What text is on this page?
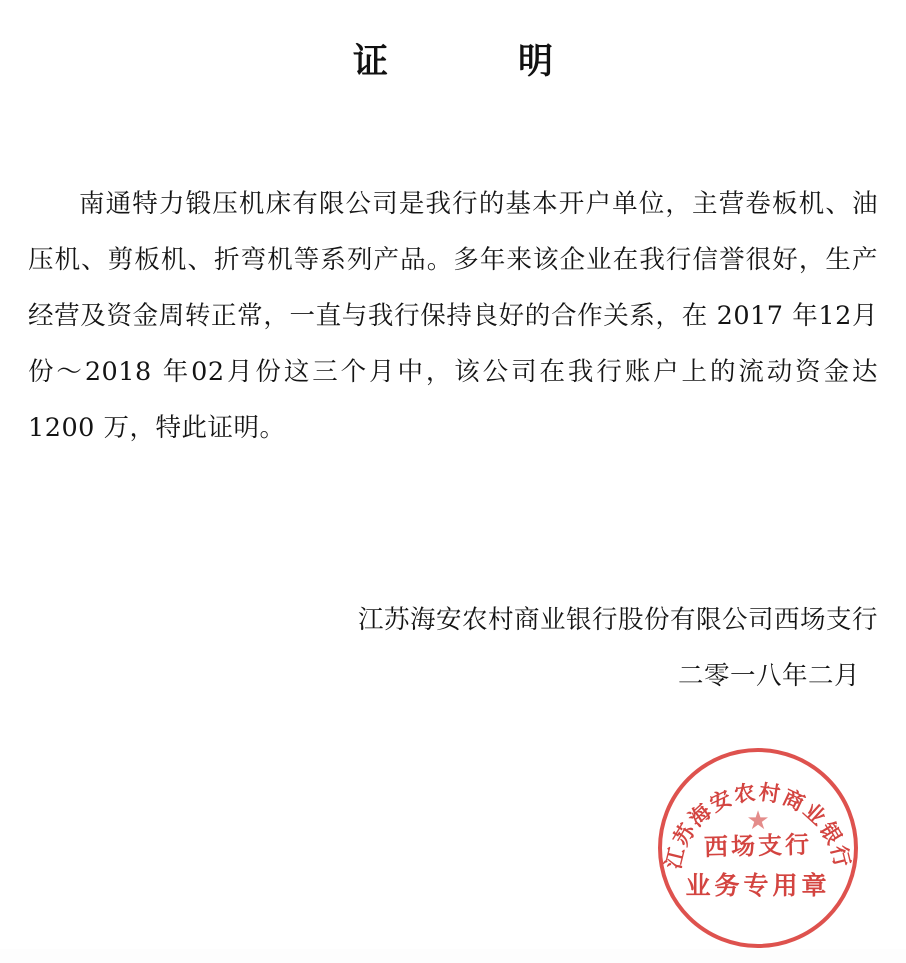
证　　明
南通特力锻压机床有限公司是我行的基本开户单位，主营卷板机、油压机、剪板机、折弯机等系列产品。多年来该企业在我行信誉很好，生产经营及资金周转正常，一直与我行保持良好的合作关系，在 2017 年12月份～2018 年02月份这三个月中，该公司在我行账户上的流动资金达 1200 万，特此证明。
江苏海安农村商业银行股份有限公司西场支行
二零一八年二月
江苏海安农村商业银行
★
西场支行
业务专用章
